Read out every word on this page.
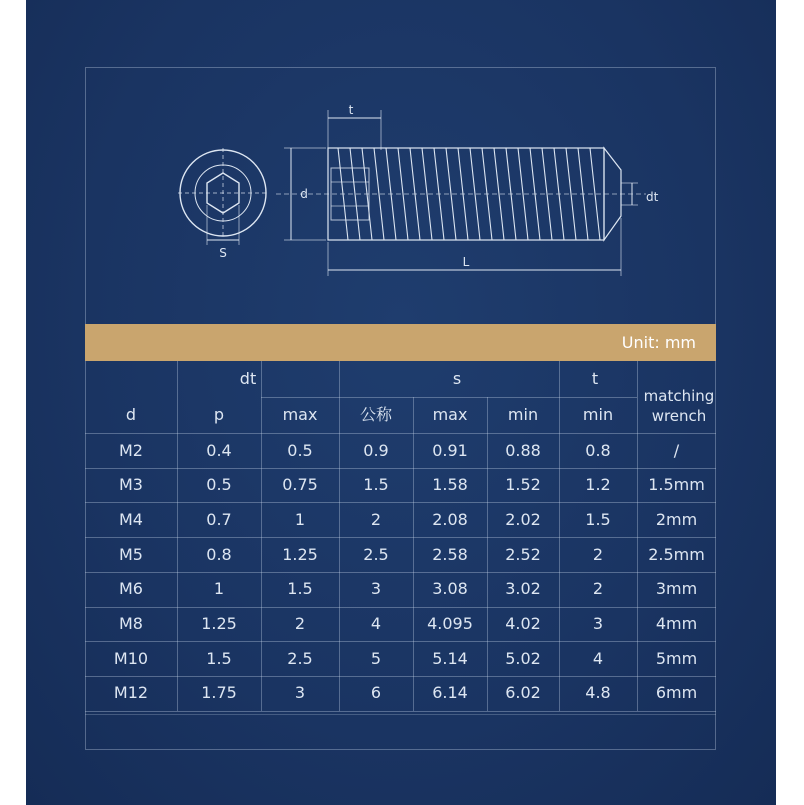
t
d
S
dt
L
Unit: mm
dt	s	t
d	p	max	公称	max	min	min
matching wrench
M2	0.4	0.5	0.9	0.91	0.88	0.8	/
M3	0.5	0.75	1.5	1.58	1.52	1.2	1.5mm
M4	0.7	1	2	2.08	2.02	1.5	2mm
M5	0.8	1.25	2.5	2.58	2.52	2	2.5mm
M6	1	1.5	3	3.08	3.02	2	3mm
M8	1.25	2	4	4.095	4.02	3	4mm
M10	1.5	2.5	5	5.14	5.02	4	5mm
M12	1.75	3	6	6.14	6.02	4.8	6mm
